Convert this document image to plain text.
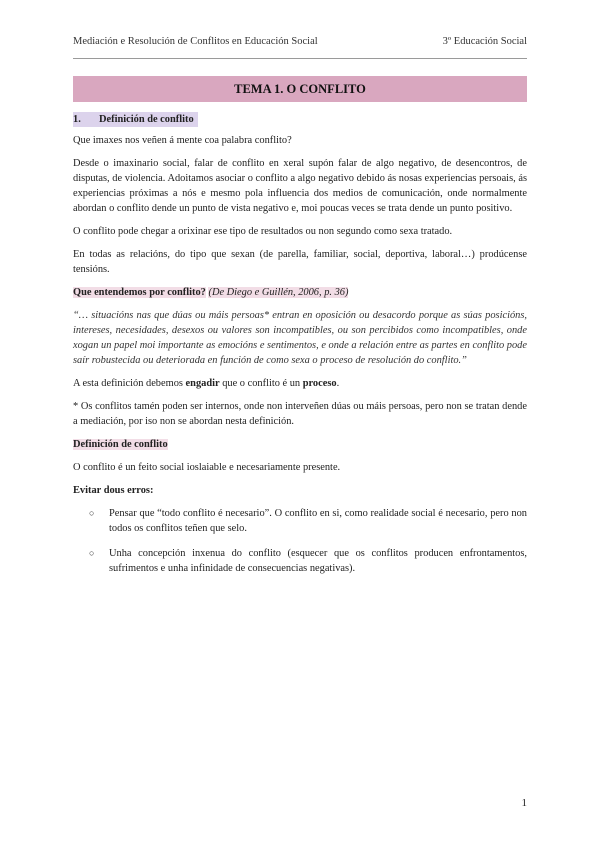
Mediación e Resolución de Conflitos en Educación Social	3º Educación Social
TEMA 1. O CONFLITO
1. Definición de conflito

Que imaxes nos veñen á mente coa palabra conflito?

Desde o imaxinario social, falar de conflito en xeral supón falar de algo negativo, de desencontros, de disputas, de violencia. Adoitamos asociar o conflito a algo negativo debido ás nosas experiencias persoais, ás experiencias próximas a nós e mesmo pola influencia dos medios de comunicación, onde normalmente abordan o conflito dende un punto de vista negativo e, moi poucas veces se trata dende un punto positivo.

O conflito pode chegar a orixinar ese tipo de resultados ou non segundo como sexa tratado.

En todas as relacións, do tipo que sexan (de parella, familiar, social, deportiva, laboral…) prodúcense tensións.

Que entendemos por conflito? (De Diego e Guillén, 2006, p. 36)

“… situacións nas que dúas ou máis persoas* entran en oposición ou desacordo porque as súas posicións, intereses, necesidades, desexos ou valores son incompatibles, ou son percibidos como incompatibles, onde xogan un papel moi importante as emocións e sentimentos, e onde a relación entre as partes en conflito pode saír robustecida ou deteriorada en función de como sexa o proceso de resolución do conflito.”

A esta definición debemos engadir que o conflito é un proceso.

* Os conflitos tamén poden ser internos, onde non interveñen dúas ou máis persoas, pero non se tratan dende a mediación, por iso non se abordan nesta definición.

Definición de conflito

O conflito é un feito social ioslaiable e necesariamente presente.

Evitar dous erros:

○ Pensar que “todo conflito é necesario”. O conflito en si, como realidade social é necesario, pero non todos os conflitos teñen que selo.
○ Unha concepción inxenua do conflito (esquecer que os conflitos producen enfrontamentos, sufrimentos e unha infinidade de consecuencias negativas).
1
